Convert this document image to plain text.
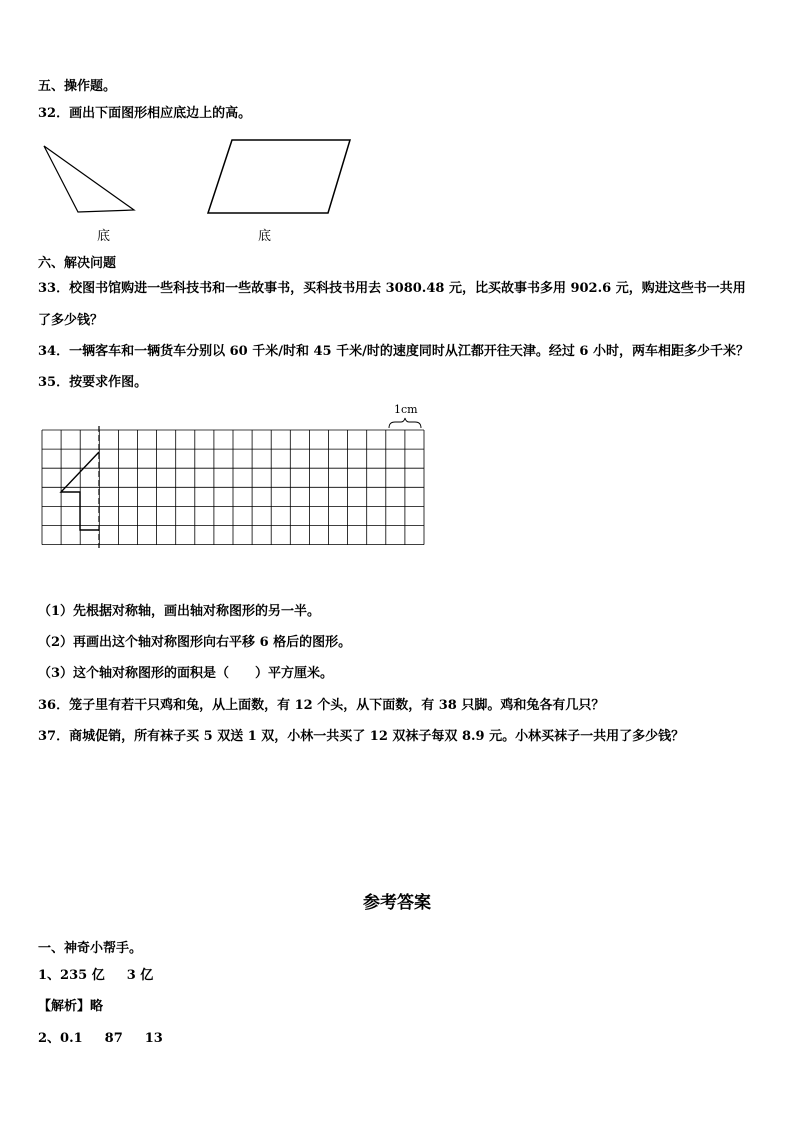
五、操作题。
32．画出下面图形相应底边上的高。
底	底
六、解决问题
33．校图书馆购进一些科技书和一些故事书，买科技书用去 3080.48 元，比买故事书多用 902.6 元，购进这些书一共用
了多少钱？
34．一辆客车和一辆货车分别以 60 千米/时和 45 千米/时的速度同时从江都开往天津。经过 6 小时，两车相距多少千米？
35．按要求作图。
1cm
（1）先根据对称轴，画出轴对称图形的另一半。
（2）再画出这个轴对称图形向右平移 6 格后的图形。
（3）这个轴对称图形的面积是（　　）平方厘米。
36．笼子里有若干只鸡和兔，从上面数，有 12 个头，从下面数，有 38 只脚。鸡和兔各有几只？
37．商城促销，所有袜子买 5 双送 1 双，小林一共买了 12 双袜子每双 8.9 元。小林买袜子一共用了多少钱？
参考答案
一、神奇小帮手。
1、235 亿 3 亿
【解析】略
2、0.1 87 13
